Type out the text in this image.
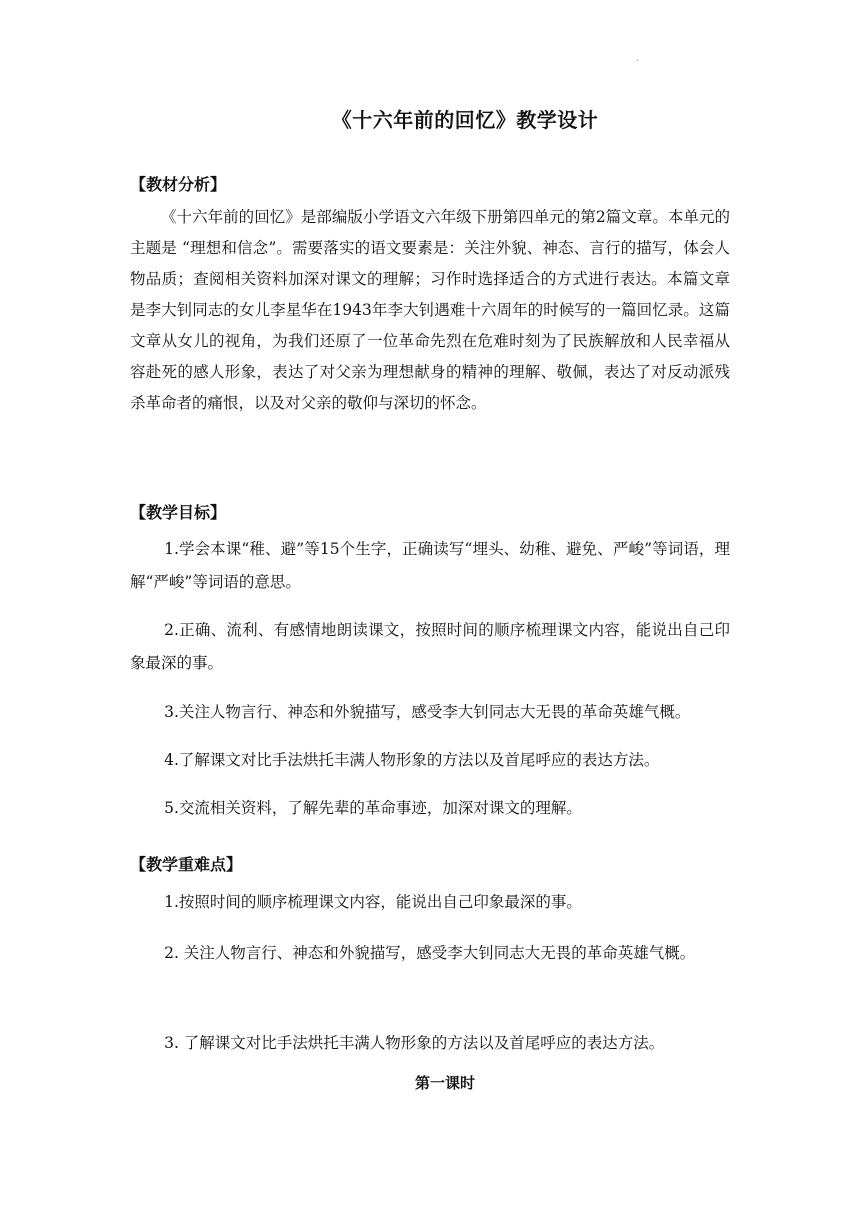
·
《十六年前的回忆》教学设计
【教材分析】
《十六年前的回忆》是部编版小学语文六年级下册第四单元的第2篇文章。本单元的主题是 “理想和信念”。需要落实的语文要素是：关注外貌、神态、言行的描写，体会人物品质；查阅相关资料加深对课文的理解；习作时选择适合的方式进行表达。本篇文章是李大钊同志的女儿李星华在1943年李大钊遇难十六周年的时候写的一篇回忆录。这篇文章从女儿的视角，为我们还原了一位革命先烈在危难时刻为了民族解放和人民幸福从容赴死的感人形象，表达了对父亲为理想献身的精神的理解、敬佩，表达了对反动派残杀革命者的痛恨，以及对父亲的敬仰与深切的怀念。
【教学目标】
1.学会本课“稚、避”等15个生字，正确读写“埋头、幼稚、避免、严峻”等词语，理解“严峻”等词语的意思。
2.正确、流利、有感情地朗读课文，按照时间的顺序梳理课文内容，能说出自己印象最深的事。
3.关注人物言行、神态和外貌描写，感受李大钊同志大无畏的革命英雄气概。
4.了解课文对比手法烘托丰满人物形象的方法以及首尾呼应的表达方法。
5.交流相关资料，了解先辈的革命事迹，加深对课文的理解。
【教学重难点】
1.按照时间的顺序梳理课文内容，能说出自己印象最深的事。
2. 关注人物言行、神态和外貌描写，感受李大钊同志大无畏的革命英雄气概。
3. 了解课文对比手法烘托丰满人物形象的方法以及首尾呼应的表达方法。
第一课时
